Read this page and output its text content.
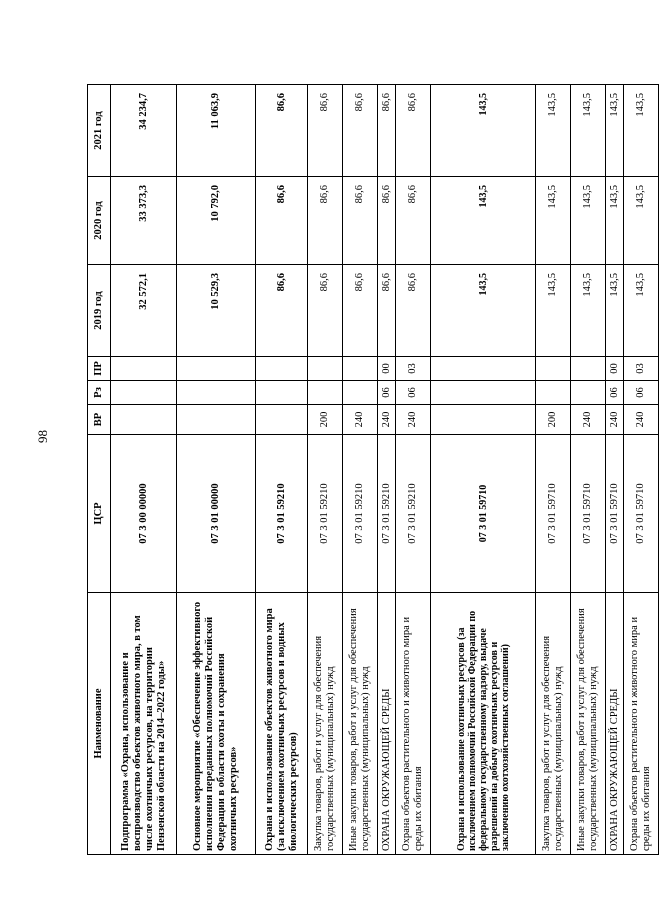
98
Наименование	ЦСР	ВР	Рз	ПР	2019 год	2020 год	2021 год
Подпрограмма «Охрана, использование и воспроизводство объектов животного мира, в том числе охотничьих ресурсов, на территории Пензенской области на 2014–2022 годы»	07 3 00 00000				32 572,1	33 373,3	34 234,7
Основное мероприятие «Обеспечение эффективного исполнения переданных полномочий Российской Федерации в области охоты и сохранения охотничьих ресурсов»	07 3 01 00000				10 529,3	10 792,0	11 063,9
Охрана и использование объектов животного мира (за исключением охотничьих ресурсов и водных биологических ресурсов)	07 3 01 59210				86,6	86,6	86,6
Закупка товаров, работ и услуг для обеспечения государственных (муниципальных) нужд	07 3 01 59210	200			86,6	86,6	86,6
Иные закупки товаров, работ и услуг для обеспечения государственных (муниципальных) нужд	07 3 01 59210	240			86,6	86,6	86,6
ОХРАНА ОКРУЖАЮЩЕЙ СРЕДЫ	07 3 01 59210	240	06	00	86,6	86,6	86,6
Охрана объектов растительного и животного мира и среды их обитания	07 3 01 59210	240	06	03	86,6	86,6	86,6
Охрана и использование охотничьих ресурсов (за исключением полномочий Российской Федерации по федеральному государственному надзору, выдаче разрешений на добычу охотничьих ресурсов и заключению охотхозяйственных соглашений)	07 3 01 59710				143,5	143,5	143,5
Закупка товаров, работ и услуг для обеспечения государственных (муниципальных) нужд	07 3 01 59710	200			143,5	143,5	143,5
Иные закупки товаров, работ и услуг для обеспечения государственных (муниципальных) нужд	07 3 01 59710	240			143,5	143,5	143,5
ОХРАНА ОКРУЖАЮЩЕЙ СРЕДЫ	07 3 01 59710	240	06	00	143,5	143,5	143,5
Охрана объектов растительного и животного мира и среды их обитания	07 3 01 59710	240	06	03	143,5	143,5	143,5
